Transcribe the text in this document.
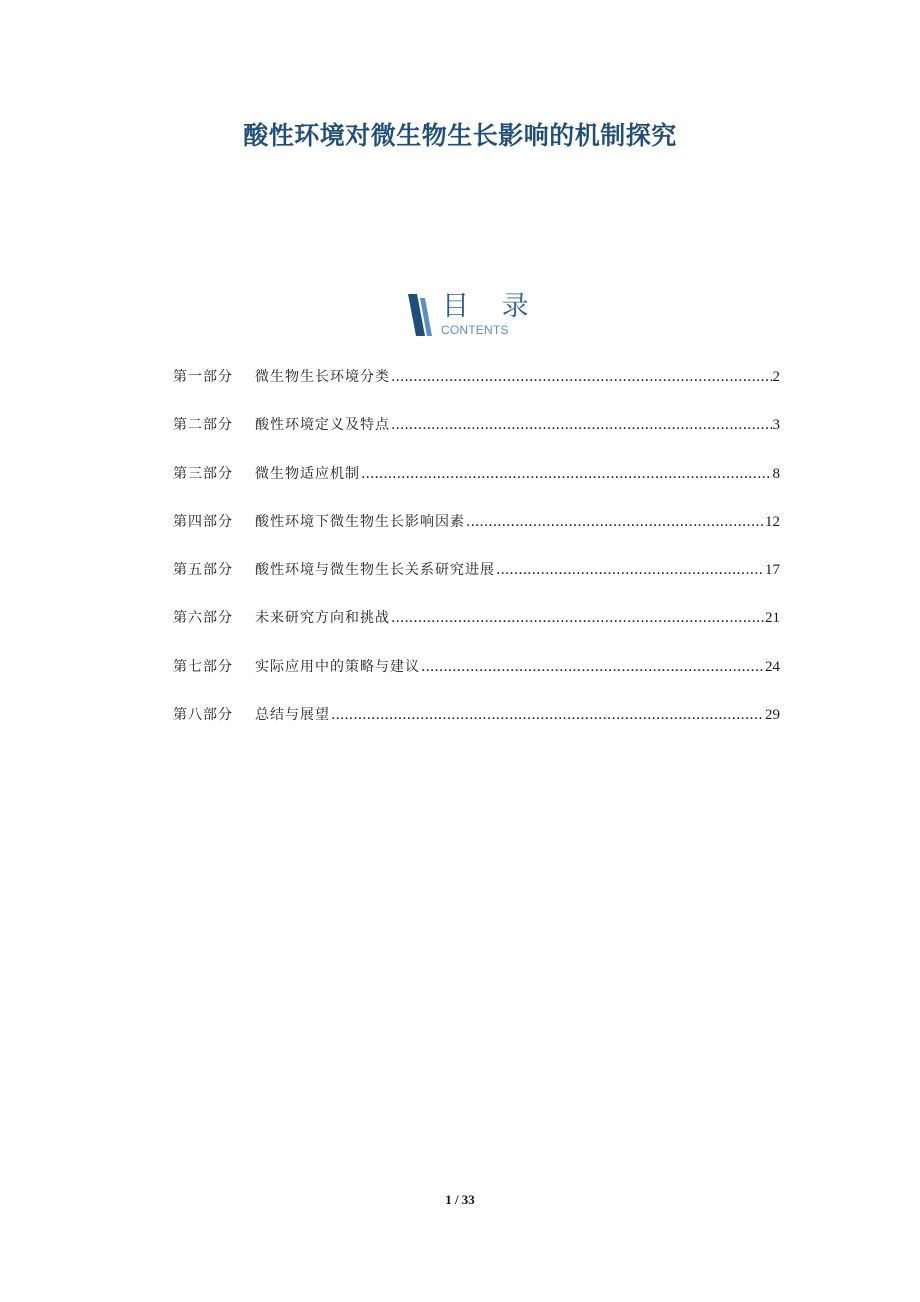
酸性环境对微生物生长影响的机制探究
目 录
CONTENTS
第一部分	微生物生长环境分类 .....	2
第二部分	酸性环境定义及特点 .....	3
第三部分	微生物适应机制 .....	8
第四部分	酸性环境下微生物生长影响因素 .....	12
第五部分	酸性环境与微生物生长关系研究进展 .....	17
第六部分	未来研究方向和挑战 .....	21
第七部分	实际应用中的策略与建议 .....	24
第八部分	总结与展望 .....	29
1 / 33
